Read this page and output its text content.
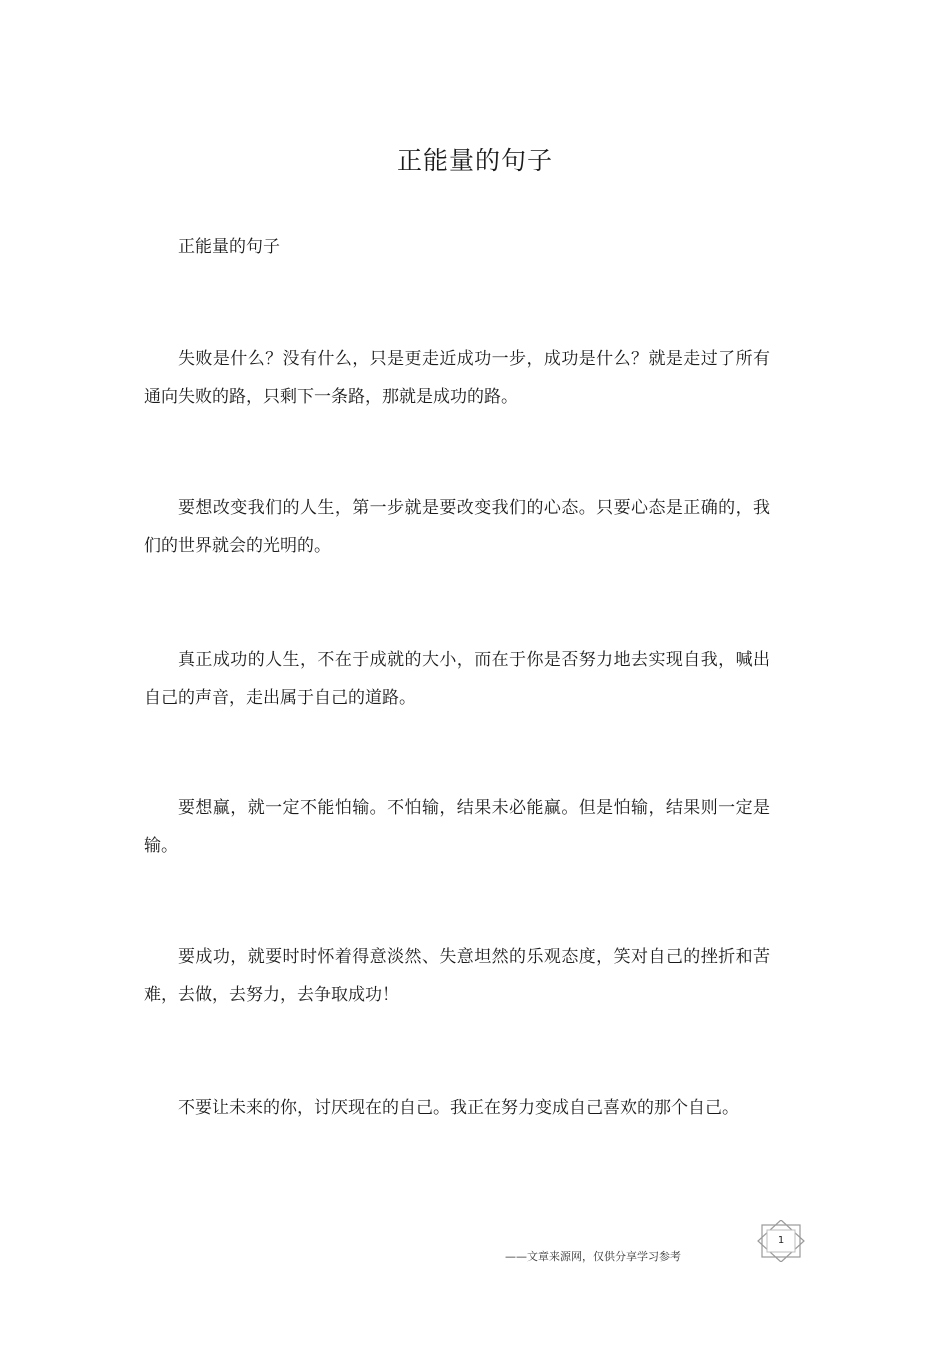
正能量的句子
正能量的句子

失败是什么？没有什么，只是更走近成功一步，成功是什么？就是走过了所有通向失败的路，只剩下一条路，那就是成功的路。

要想改变我们的人生，第一步就是要改变我们的心态。只要心态是正确的，我们的世界就会的光明的。

真正成功的人生，不在于成就的大小，而在于你是否努力地去实现自我，喊出自己的声音，走出属于自己的道路。

要想赢，就一定不能怕输。不怕输，结果未必能赢。但是怕输，结果则一定是输。

要成功，就要时时怀着得意淡然、失意坦然的乐观态度，笑对自己的挫折和苦难，去做，去努力，去争取成功！

不要让未来的你，讨厌现在的自己。我正在努力变成自己喜欢的那个自己。

——文章来源网，仅供分享学习参考
1
